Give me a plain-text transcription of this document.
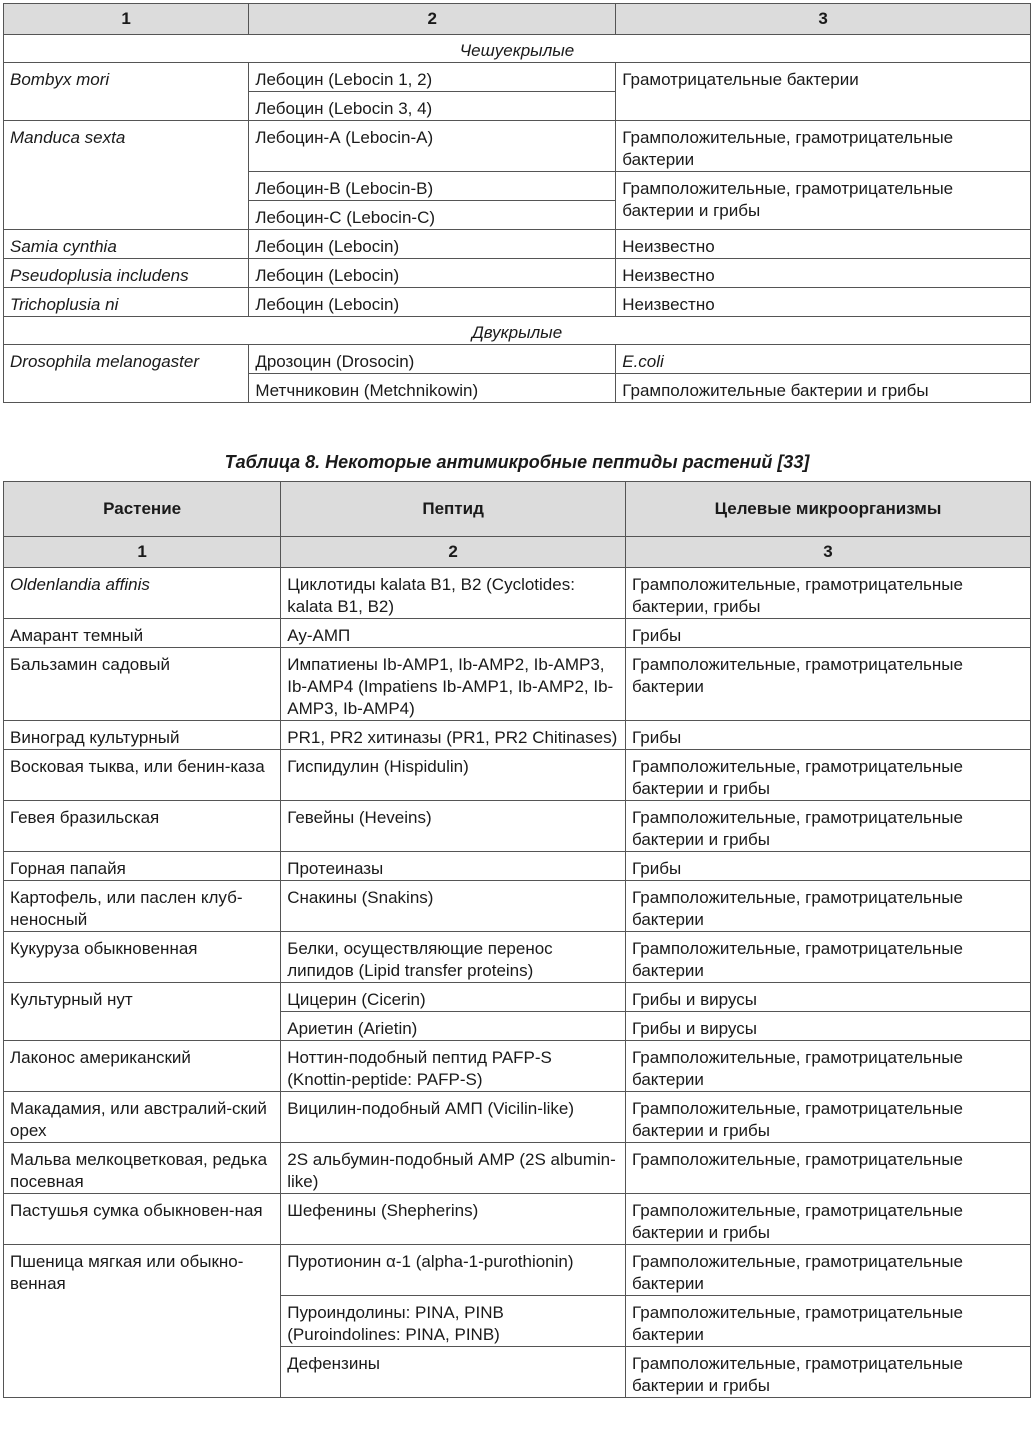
1	2	3
Чешуекрылые		
Bombyx mori	Лебоцин (Lebocin 1, 2)	Грамотрицательные бактерии
	Лебоцин (Lebocin 3, 4)	
Manduca sexta	Лебоцин-А (Lebocin-A)	Грамположительные, грамотрицательные бактерии
	Лебоцин-В (Lebocin-B)	Грамположительные, грамотрицательные бактерии и грибы
	Лебоцин-С (Lebocin-C)	
Samia cynthia	Лебоцин (Lebocin)	Неизвестно
Pseudoplusia includens	Лебоцин (Lebocin)	Неизвестно
Trichoplusia ni	Лебоцин (Lebocin)	Неизвестно
Двукрылые		
Drosophila melanogaster	Дрозоцин (Drosocin)	E.coli
	Метчниковин (Metchnikowin)	Грамположительные бактерии и грибы
Таблица 8. Некоторые антимикробные пептиды растений [33]
Растение	Пептид	Целевые микроорганизмы
1	2	3
Oldenlandia affinis	Циклотиды kalata B1, B2 (Cyclotides: kalata B1, B2)	Грамположительные, грамотрицательные бактерии, грибы
Амарант темный	Ау-АМП	Грибы
Бальзамин садовый	Импатиены Ib-AMP1, Ib-AMP2, Ib-AMP3, Ib-AMP4 (Impatiens Ib-AMP1, Ib-AMP2, Ib-AMP3, Ib-AMP4)	Грамположительные, грамотрицательные бактерии
Виноград культурный	PR1, PR2 хитиназы (PR1, PR2 Chitinases)	Грибы
Восковая тыква, или бенин-каза	Гиспидулин (Hispidulin)	Грамположительные, грамотрицательные бактерии и грибы
Гевея бразильская	Гевейны (Heveins)	Грамположительные, грамотрицательные бактерии и грибы
Горная папайя	Протеиназы	Грибы
Картофель, или паслен клуб-неносный	Снакины (Snakins)	Грамположительные, грамотрицательные бактерии
Кукуруза обыкновенная	Белки, осуществляющие перенос липидов (Lipid transfer proteins)	Грамположительные, грамотрицательные бактерии
Культурный нут	Цицерин (Cicerin)	Грибы и вирусы
	Ариетин (Arietin)	Грибы и вирусы
Лаконос американский	Ноттин-подобный пептид PAFP-S (Knottin-peptide: PAFP-S)	Грамположительные, грамотрицательные бактерии
Макадамия, или австралий-ский орех	Вицилин-подобный АМП (Vicilin-like)	Грамположительные, грамотрицательные бактерии и грибы
Мальва мелкоцветковая, редька посевная	2S альбумин-подобный AMP (2S albumin-like)	Грамположительные, грамотрицательные
Пастушья сумка обыкновен-ная	Шефенины (Shepherins)	Грамположительные, грамотрицательные бактерии и грибы
Пшеница мягкая или обыкно-венная	Пуротионин α-1 (alpha-1-purothionin)	Грамположительные, грамотрицательные бактерии
	Пуроиндолины: PINA, PINB (Puroindolines: PINA, PINB)	Грамположительные, грамотрицательные бактерии
	Дефензины	Грамположительные, грамотрицательные бактерии и грибы
